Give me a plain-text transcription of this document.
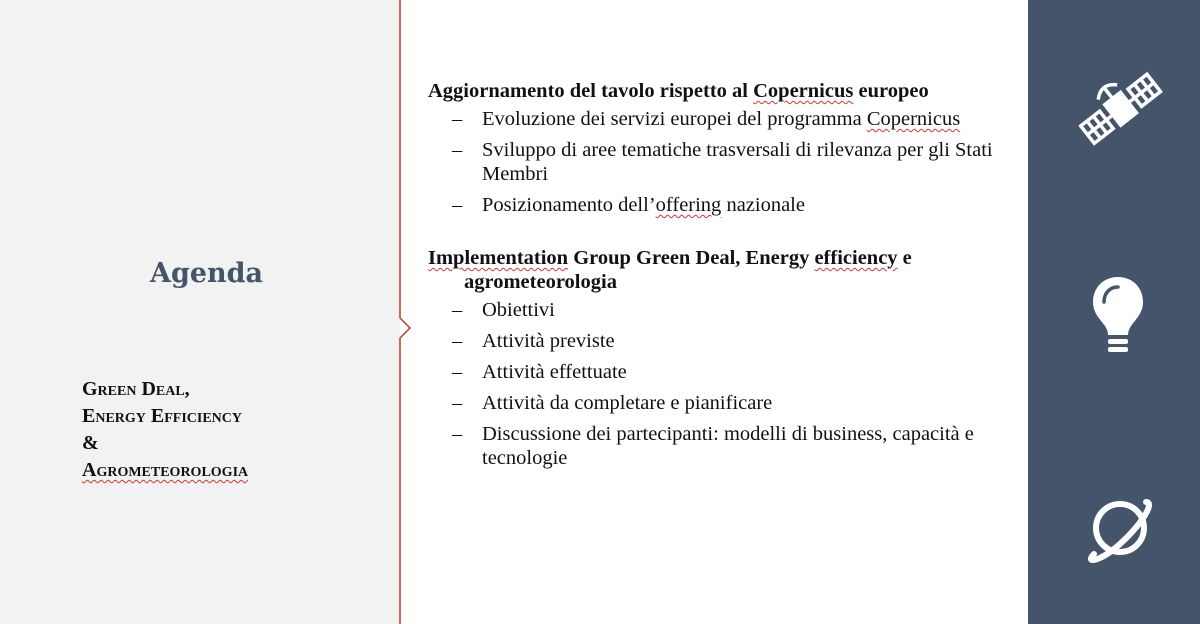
Agenda
Green Deal,
Energy Efficiency
&
Agrometeorologia
Aggiornamento del tavolo rispetto al Copernicus europeo
– Evoluzione dei servizi europei del programma Copernicus
– Sviluppo di aree tematiche trasversali di rilevanza per gli Stati Membri
– Posizionamento dell’offering nazionale
Implementation Group Green Deal, Energy efficiency e agrometeorologia
– Obiettivi
– Attività previste
– Attività effettuate
– Attività da completare e pianificare
– Discussione dei partecipanti: modelli di business, capacità e tecnologie
